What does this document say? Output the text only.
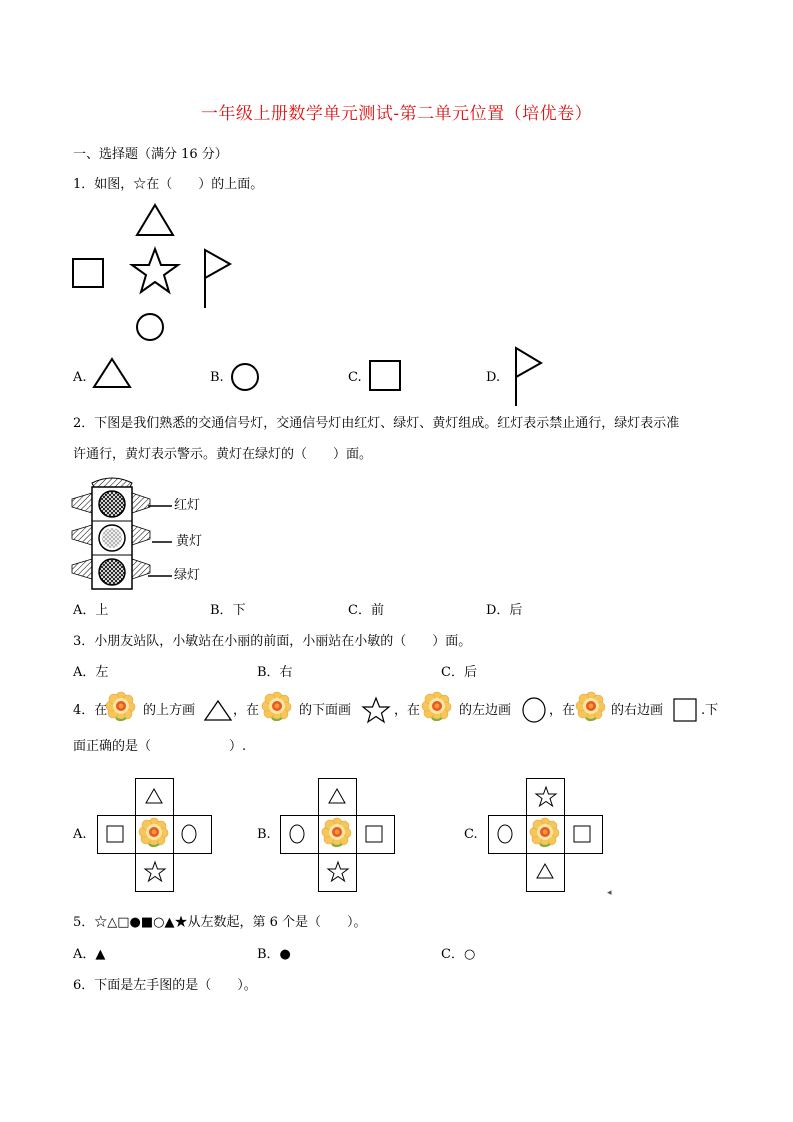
一年级上册数学单元测试-第二单元位置（培优卷）
一、选择题（满分 16 分）
1．如图，☆在（　　）的上面。
A.	B.	C.	D.
2．下图是我们熟悉的交通信号灯，交通信号灯由红灯、绿灯、黄灯组成。红灯表示禁止通行，绿灯表示准
许通行，黄灯表示警示。黄灯在绿灯的（　　）面。
红灯
黄灯
绿灯
A．上	B．下	C．前	D．后
3．小朋友站队，小敏站在小丽的前面，小丽站在小敏的（　　）面。
A．左	B．右	C．后
4．在	的上方画	，在	的下面画	，在	的左边画	，在	的右边画	.下
面正确的是（　　　　　　）.
A.	B.	C.
◂
5．☆△□●■○▲★从左数起，第 6 个是（　　）。
A．▲	B．●	C．○
6．下面是左手图的是（　　）。
